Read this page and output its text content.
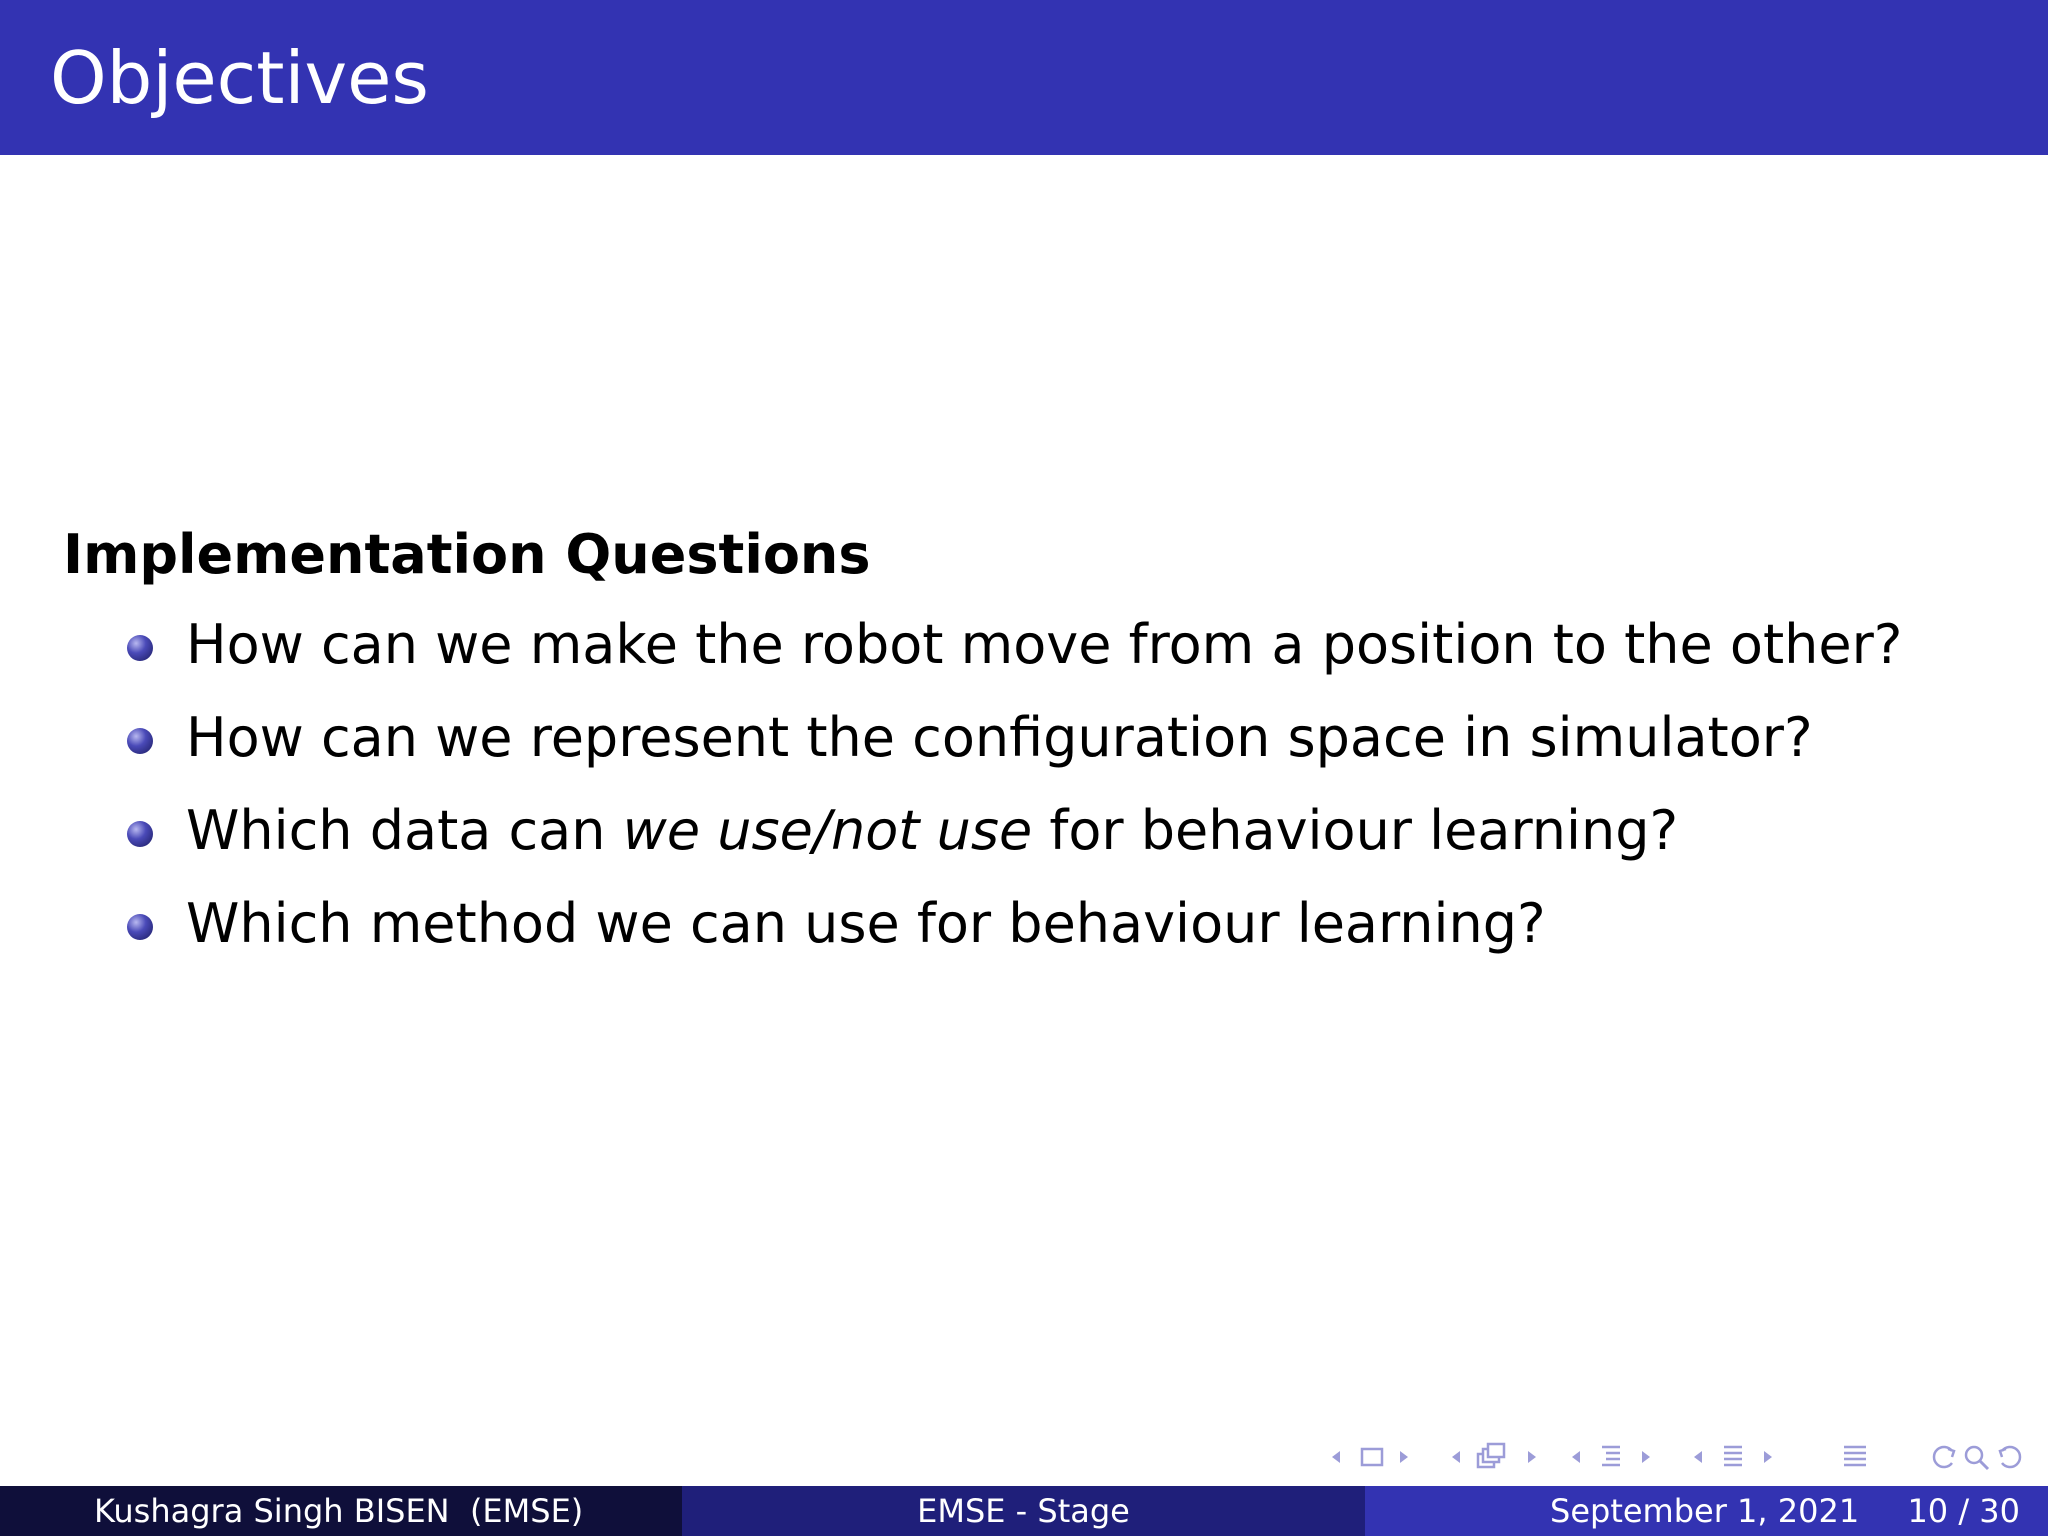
Objectives
Implementation Questions
How can we make the robot move from a position to the other?
How can we represent the configuration space in simulator?
Which data can we use/not use for behaviour learning?
Which method we can use for behaviour learning?
Kushagra Singh BISEN  (EMSE)	EMSE - Stage	September 1, 2021 10 / 30
